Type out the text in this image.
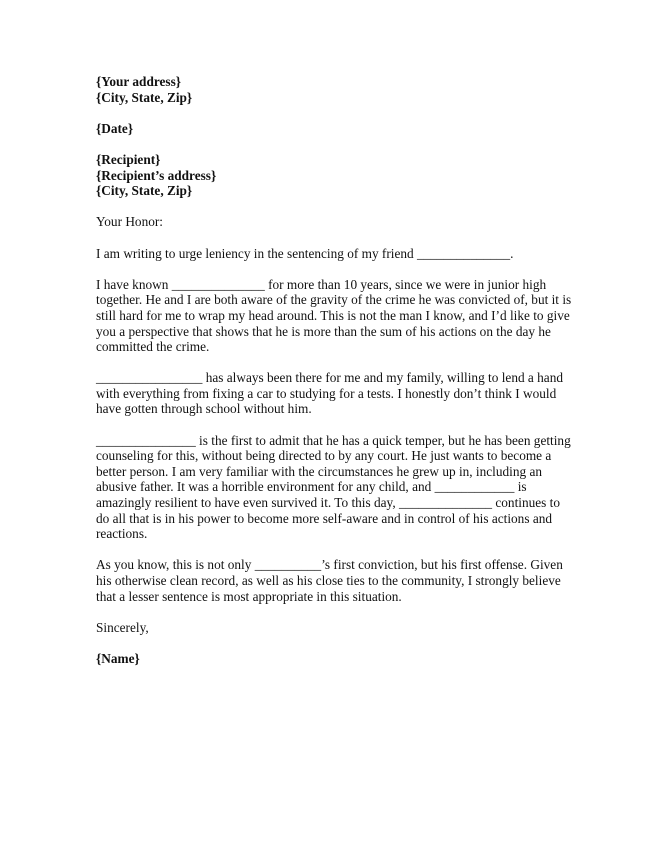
{Your address}
{City, State, Zip}
{Date}
{Recipient}
{Recipient’s address}
{City, State, Zip}
Your Honor:
I am writing to urge leniency in the sentencing of my friend ______________.
I have known ______________ for more than 10 years, since we were in junior high
together. He and I are both aware of the gravity of the crime he was convicted of, but it is
still hard for me to wrap my head around. This is not the man I know, and I’d like to give
you a perspective that shows that he is more than the sum of his actions on the day he
committed the crime.
________________ has always been there for me and my family, willing to lend a hand
with everything from fixing a car to studying for a tests. I honestly don’t think I would
have gotten through school without him.
_______________ is the first to admit that he has a quick temper, but he has been getting
counseling for this, without being directed to by any court. He just wants to become a
better person. I am very familiar with the circumstances he grew up in, including an
abusive father. It was a horrible environment for any child, and ____________ is
amazingly resilient to have even survived it. To this day, ______________ continues to
do all that is in his power to become more self-aware and in control of his actions and
reactions.
As you know, this is not only __________’s first conviction, but his first offense. Given
his otherwise clean record, as well as his close ties to the community, I strongly believe
that a lesser sentence is most appropriate in this situation.
Sincerely,
{Name}
